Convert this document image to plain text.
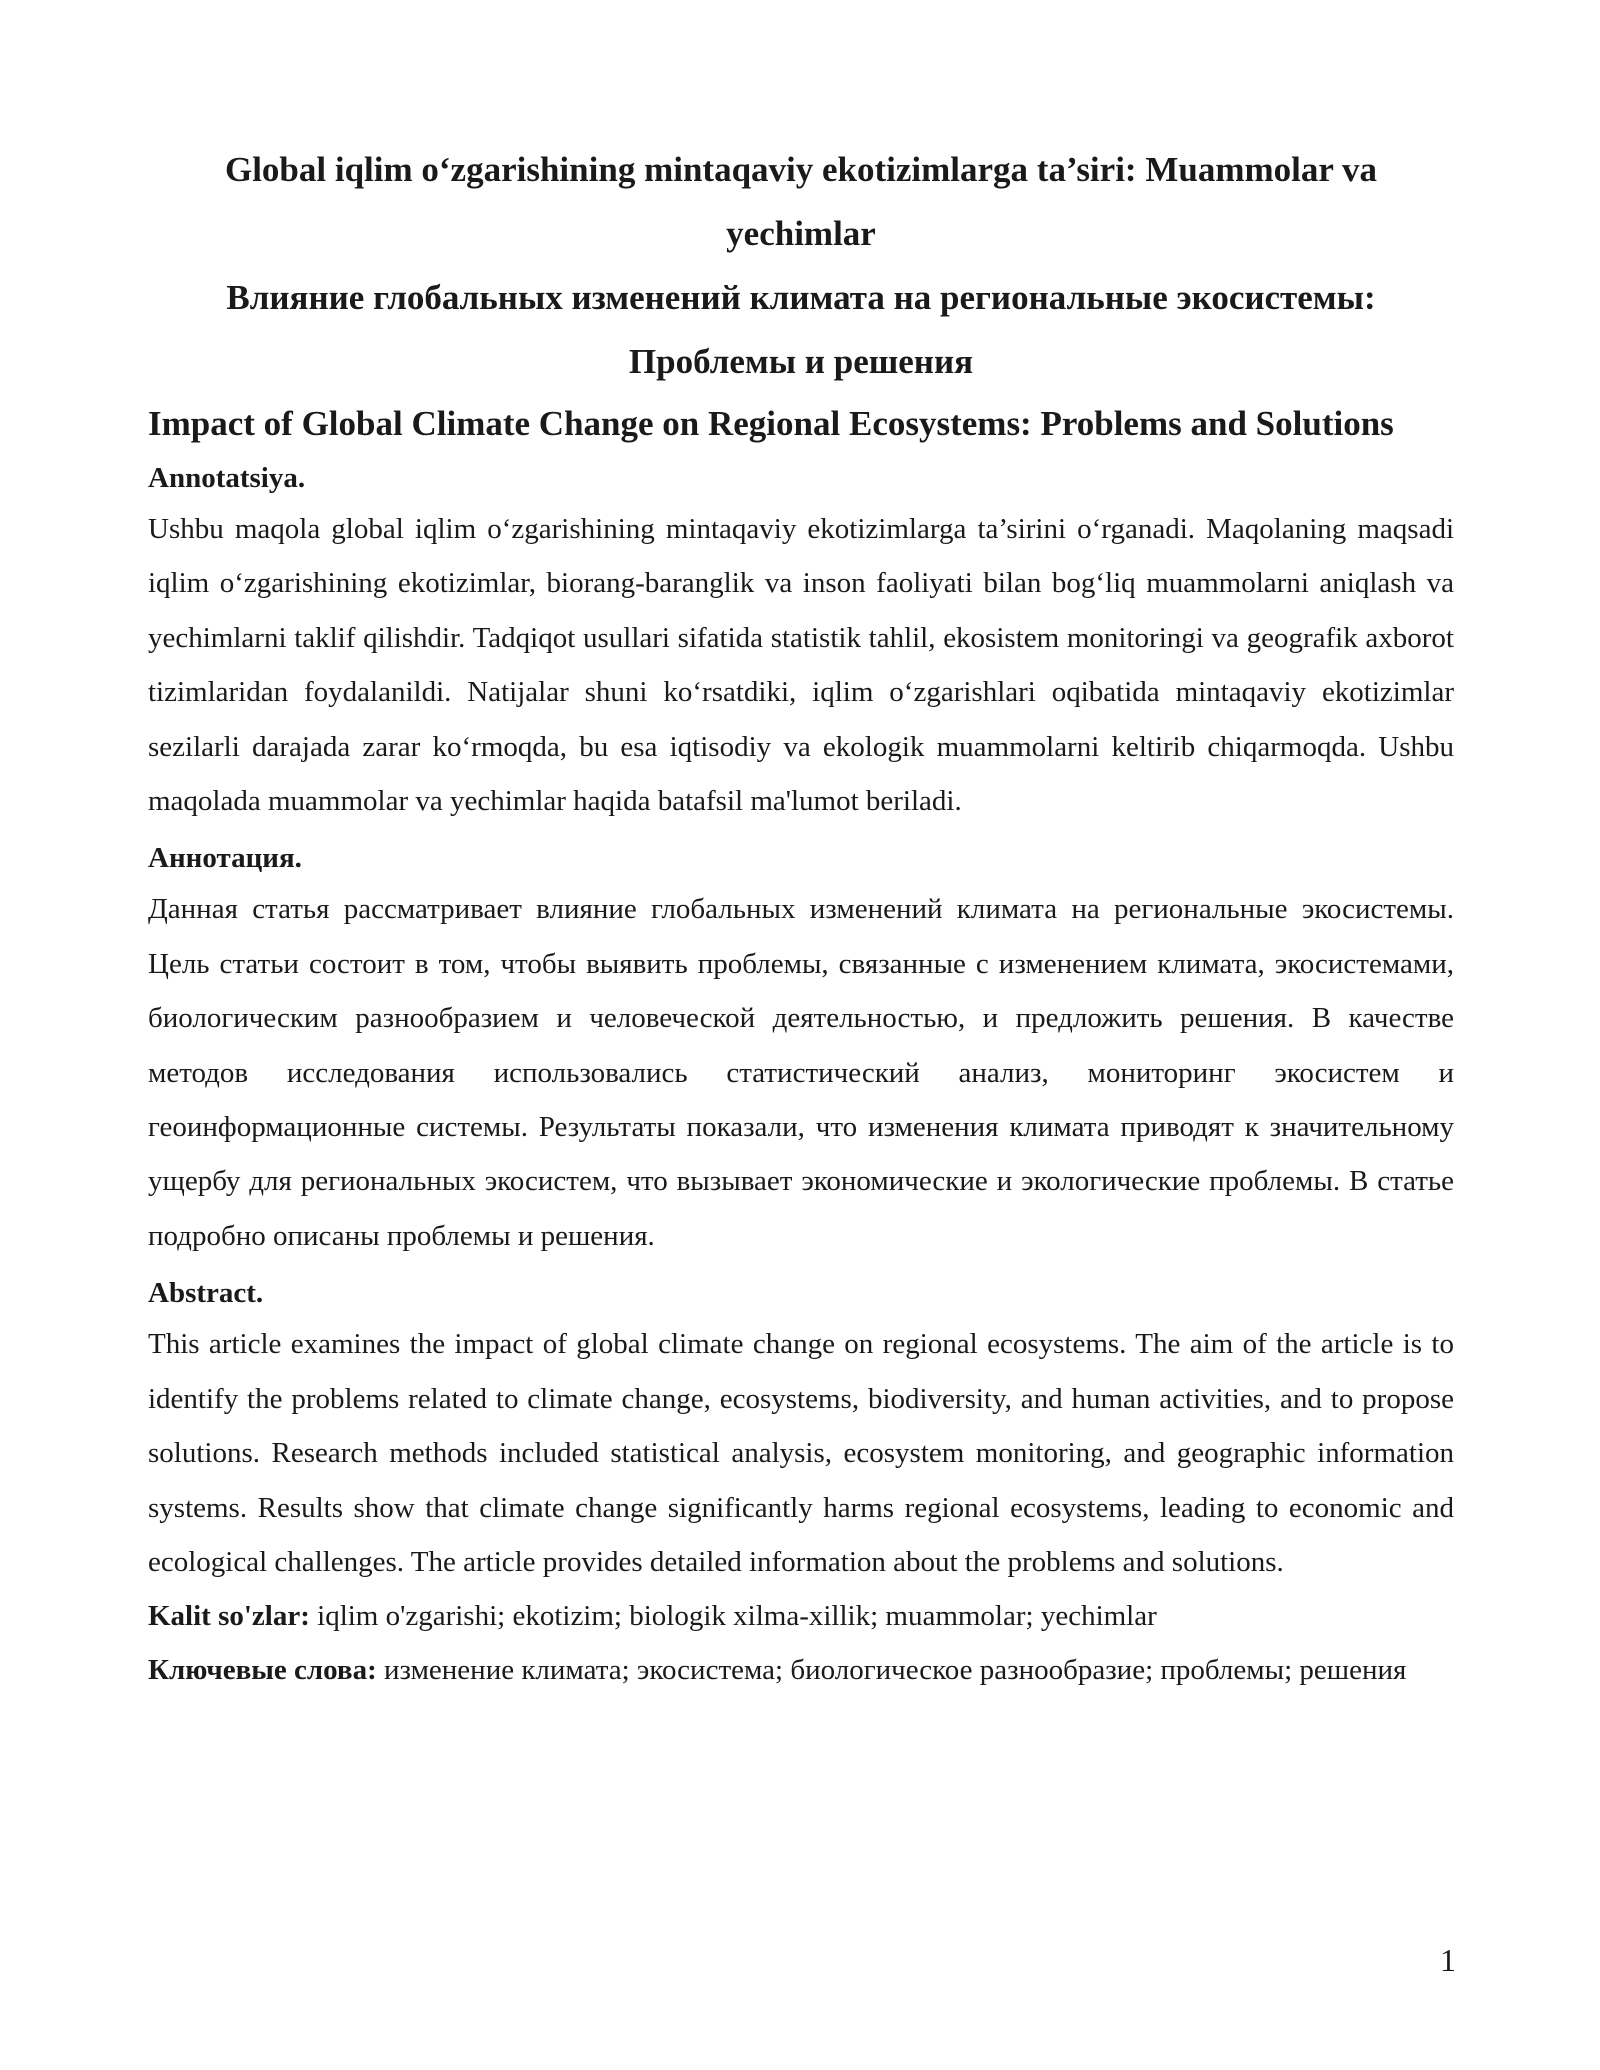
Global iqlim o‘zgarishining mintaqaviy ekotizimlarga ta’siri: Muammolar va yechimlar
Влияние глобальных изменений климата на региональные экосистемы: Проблемы и решения
Impact of Global Climate Change on Regional Ecosystems: Problems and Solutions

Annotatsiya.

Ushbu maqola global iqlim o‘zgarishining mintaqaviy ekotizimlarga ta’sirini o‘rganadi. Maqolaning maqsadi iqlim o‘zgarishining ekotizimlar, biorang-baranglik va inson faoliyati bilan bog‘liq muammolarni aniqlash va yechimlarni taklif qilishdir. Tadqiqot usullari sifatida statistik tahlil, ekosistem monitoringi va geografik axborot tizimlaridan foydalanildi. Natijalar shuni ko‘rsatdiki, iqlim o‘zgarishlari oqibatida mintaqaviy ekotizimlar sezilarli darajada zarar ko‘rmoqda, bu esa iqtisodiy va ekologik muammolarni keltirib chiqarmoqda. Ushbu maqolada muammolar va yechimlar haqida batafsil ma'lumot beriladi.

Аннотация.

Данная статья рассматривает влияние глобальных изменений климата на региональные экосистемы. Цель статьи состоит в том, чтобы выявить проблемы, связанные с изменением климата, экосистемами, биологическим разнообразием и человеческой деятельностью, и предложить решения. В качестве методов исследования использовались статистический анализ, мониторинг экосистем и геоинформационные системы. Результаты показали, что изменения климата приводят к значительному ущербу для региональных экосистем, что вызывает экономические и экологические проблемы. В статье подробно описаны проблемы и решения.

Abstract.

This article examines the impact of global climate change on regional ecosystems. The aim of the article is to identify the problems related to climate change, ecosystems, biodiversity, and human activities, and to propose solutions. Research methods included statistical analysis, ecosystem monitoring, and geographic information systems. Results show that climate change significantly harms regional ecosystems, leading to economic and ecological challenges. The article provides detailed information about the problems and solutions.

Kalit so'zlar: iqlim o'zgarishi; ekotizim; biologik xilma-xillik; muammolar; yechimlar

Ключевые слова: изменение климата; экосистема; биологическое разнообразие; проблемы; решения

1
